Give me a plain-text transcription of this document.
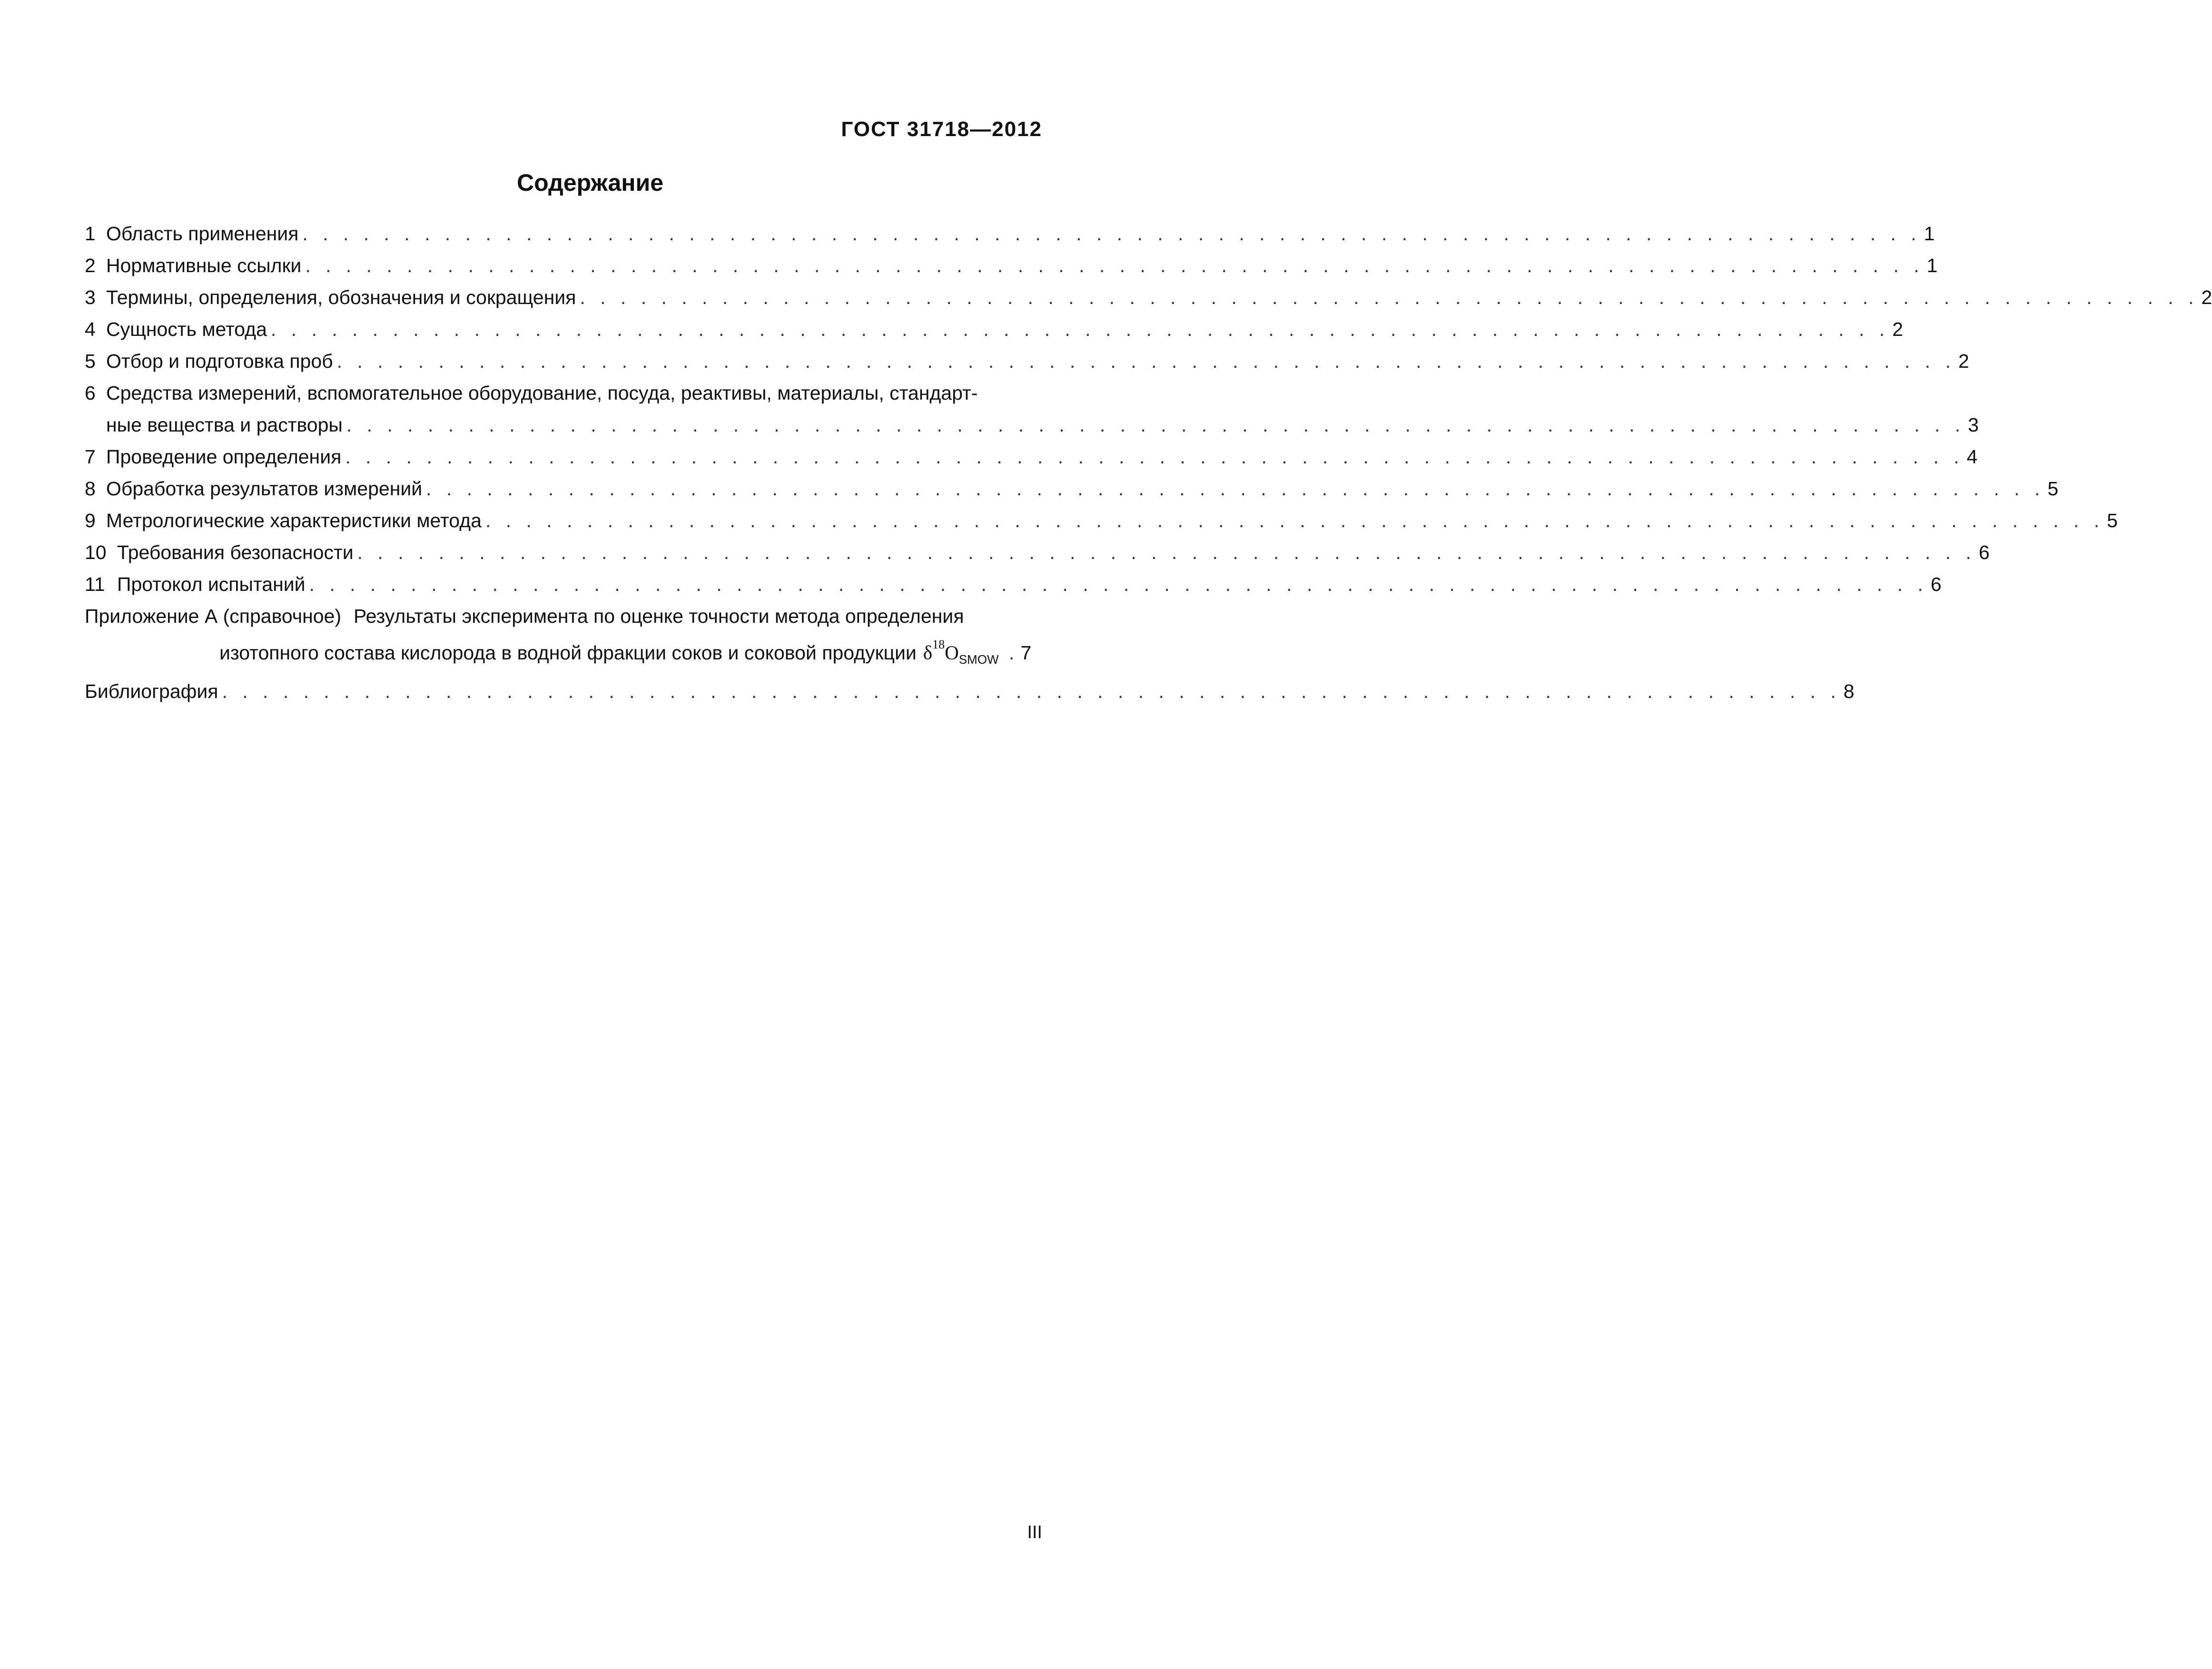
ГОСТ 31718—2012
Содержание
1 Область применения . . . . . . . . . . . . . . . . . . . . . . . . . . . . . . . . . . . . . . . . . . . . . . . . . . . . . . . . . . . . . . . . . . . . . . . . . . . . . . . . 1
2 Нормативные ссылки . . . . . . . . . . . . . . . . . . . . . . . . . . . . . . . . . . . . . . . . . . . . . . . . . . . . . . . . . . . . . . . . . . . . . . . . . . . . . . . . 1
3 Термины, определения, обозначения и сокращения . . . . . . . . . . . . . . . . . . . . . . . . . . . . . . . . . . . . . . . . . . . . . . . . . . . . . . . . . . . . . . . . . . . . . . . . . . . . . . . . 2
4 Сущность метода . . . . . . . . . . . . . . . . . . . . . . . . . . . . . . . . . . . . . . . . . . . . . . . . . . . . . . . . . . . . . . . . . . . . . . . . . . . . . . . . 2
5 Отбор и подготовка проб . . . . . . . . . . . . . . . . . . . . . . . . . . . . . . . . . . . . . . . . . . . . . . . . . . . . . . . . . . . . . . . . . . . . . . . . . . . . . . . . 2
6 Средства измерений, вспомогательное оборудование, посуда, реактивы, материалы, стандарт-
ные вещества и растворы . . . . . . . . . . . . . . . . . . . . . . . . . . . . . . . . . . . . . . . . . . . . . . . . . . . . . . . . . . . . . . . . . . . . . . . . . . . . . . . . 3
7 Проведение определения . . . . . . . . . . . . . . . . . . . . . . . . . . . . . . . . . . . . . . . . . . . . . . . . . . . . . . . . . . . . . . . . . . . . . . . . . . . . . . . . 4
8 Обработка результатов измерений . . . . . . . . . . . . . . . . . . . . . . . . . . . . . . . . . . . . . . . . . . . . . . . . . . . . . . . . . . . . . . . . . . . . . . . . . . . . . . . . 5
9 Метрологические характеристики метода . . . . . . . . . . . . . . . . . . . . . . . . . . . . . . . . . . . . . . . . . . . . . . . . . . . . . . . . . . . . . . . . . . . . . . . . . . . . . . . . 5
10 Требования безопасности . . . . . . . . . . . . . . . . . . . . . . . . . . . . . . . . . . . . . . . . . . . . . . . . . . . . . . . . . . . . . . . . . . . . . . . . . . . . . . . . 6
11 Протокол испытаний . . . . . . . . . . . . . . . . . . . . . . . . . . . . . . . . . . . . . . . . . . . . . . . . . . . . . . . . . . . . . . . . . . . . . . . . . . . . . . . . 6
Приложение А (справочное) Результаты эксперимента по оценке точности метода определения
изотопного состава кислорода в водной фракции соков и соковой продукции $\delta^{18}O_{SMOW}$ . 7
Библиография . . . . . . . . . . . . . . . . . . . . . . . . . . . . . . . . . . . . . . . . . . . . . . . . . . . . . . . . . . . . . . . . . . . . . . . . . . . . . . . . 8
III
